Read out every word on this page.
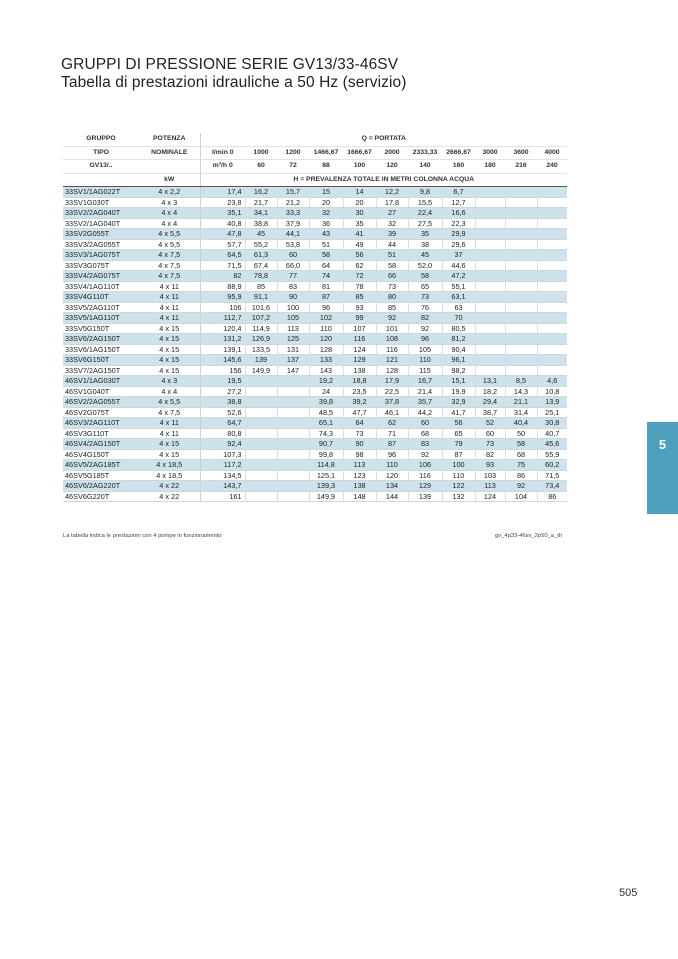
GRUPPI DI PRESSIONE SERIE GV13/33-46SV
Tabella di prestazioni idrauliche a 50 Hz (servizio)
GRUPPO	POTENZA	Q = PORTATA										
TIPO	NOMINALE	l/min 0	1000	1200	1466,67	1666,67	2000	2333,33	2666,67	3000	3600	4000
GV13/..		m³/h 0	60	72	88	100	120	140	160	180	216	240
	kW	H = PREVALENZA TOTALE IN METRI COLONNA ACQUA										
33SV1/1AG022T	4 x 2,2	17,4	16,2	15,7	15	14	12,2	9,8	6,7			
33SV1G030T	4 x 3	23,8	21,7	21,2	20	20	17,8	15,5	12,7			
33SV2/2AG040T	4 x 4	35,1	34,1	33,3	32	30	27	22,4	16,6			
33SV2/1AG040T	4 x 4	40,8	38,8	37,9	36	35	32	27,5	22,3			
33SV2G055T	4 x 5,5	47,8	45	44,1	43	41	39	35	29,9			
33SV3/2AG055T	4 x 5,5	57,7	55,2	53,8	51	49	44	38	29,6			
33SV3/1AG075T	4 x 7,5	64,5	61,3	60	58	56	51	45	37			
33SV3G075T	4 x 7,5	71,5	67,4	66,0	64	62	58	52,0	44,6			
33SV4/2AG075T	4 x 7,5	82	78,8	77	74	72	66	58	47,2			
33SV4/1AG110T	4 x 11	88,9	85	83	81	78	73	65	55,1			
33SV4G110T	4 x 11	95,9	91,1	90	87	85	80	73	63,1			
33SV5/2AG110T	4 x 11	106	101,6	100	96	93	85	76	63			
33SV5/1AG110T	4 x 11	112,7	107,2	105	102	99	92	82	70			
33SV5G150T	4 x 15	120,4	114,9	113	110	107	101	92	80,5			
33SV6/2AG150T	4 x 15	131,2	126,9	125	120	116	108	96	81,2			
33SV6/1AG150T	4 x 15	139,1	133,5	131	128	124	116	105	90,4			
33SV6G150T	4 x 15	145,6	139	137	133	129	121	110	96,1			
33SV7/2AG150T	4 x 15	156	149,9	147	143	138	128	115	98,2			
46SV1/1AG030T	4 x 3	19,5			19,2	18,8	17,9	16,7	15,1	13,1	8,5	4,6
46SV1G040T	4 x 4	27,2			24	23,5	22,5	21,4	19,9	18,2	14,3	10,8
46SV2/2AG055T	4 x 5,5	38,8			39,8	39,2	37,8	35,7	32,9	29,4	21,1	13,9
46SV2G075T	4 x 7,5	52,6			48,5	47,7	46,1	44,2	41,7	38,7	31,4	25,1
46SV3/2AG110T	4 x 11	64,7			65,1	64	62	60	56	52	40,4	30,8
46SV3G110T	4 x 11	80,8			74,3	73	71	68	65	60	50	40,7
46SV4/2AG150T	4 x 15	92,4			90,7	90	87	83	79	73	58	45,6
46SV4G150T	4 x 15	107,3			99,8	98	96	92	87	82	68	55,9
46SV5/2AG185T	4 x 18,5	117,2			114,8	113	110	106	100	93	75	60,2
46SV5G185T	4 x 18,5	134,5			125,1	123	120	116	110	103	86	71,5
46SV6/2AG220T	4 x 22	143,7			139,3	138	134	129	122	113	92	73,4
46SV6G220T	4 x 22	161			149,9	148	144	139	132	124	104	86
La tabella indica le prestazioni con 4 pompe in funzionamento	gv_4p33-46sv_2p50_a_th
5
505
